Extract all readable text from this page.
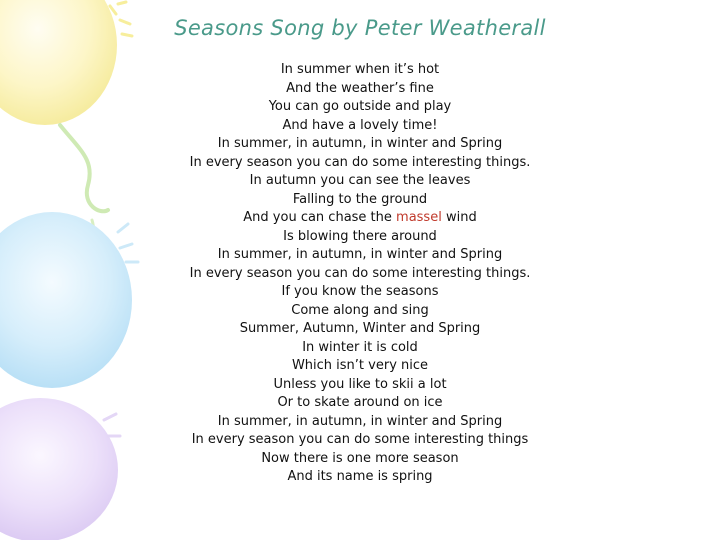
Seasons Song by Peter Weatherall
In summer when it’s hot
And the weather’s fine
You can go outside and play
And have a lovely time!
In summer, in autumn, in winter and Spring
In every season you can do some interesting things.
In autumn you can see the leaves
Falling to the ground
And you can chase the massel wind
Is blowing there around
In summer, in autumn, in winter and Spring
In every season you can do some interesting things.
If you know the seasons
Come along and sing
Summer, Autumn, Winter and Spring
In winter it is cold
Which isn’t very nice
Unless you like to skii a lot
Or to skate around on ice
In summer, in autumn, in winter and Spring
In every season you can do some interesting things
Now there is one more season
And its name is spring
